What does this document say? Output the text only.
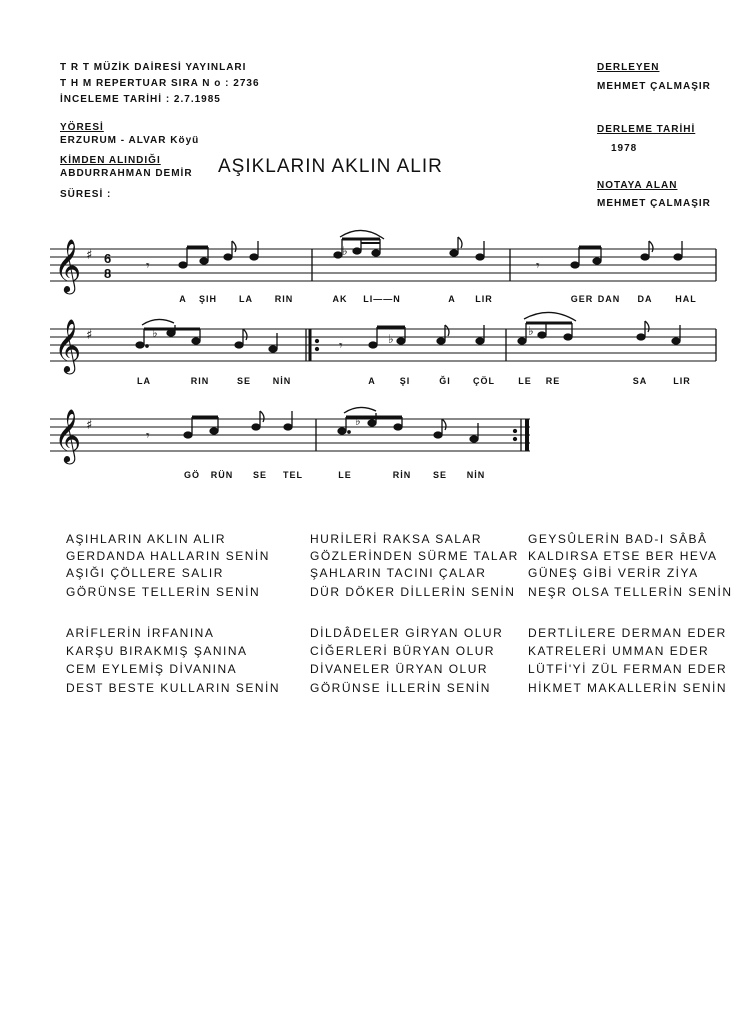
T R T MÜZİK DAİRESİ YAYINLARI
T H M REPERTUAR SIRA N o : 2736
İNCELEME TARİHİ : 2.7.1985
YÖRESİ
ERZURUM - ALVAR Köyü
KİMDEN ALINDIĞI
ABDURRAHMAN DEMİR
SÜRESİ :
DERLEYEN
MEHMET ÇALMAŞIR
DERLEME TARİHİ
1978
NOTAYA ALAN
MEHMET ÇALMAŞIR
AŞIKLARIN AKLIN ALIR
𝄞 ♯ 6
8 𝄾
♭
𝄾
A ŞIH LA RIN	AK LI——N	A LIR	GER DAN DA	HAL
𝄞 ♯	♭
𝄾	♭
♭
LA	RIN	SE NİN	A	ŞI	ĞI ÇÖL	LE RE	SA	LIR
𝄞 ♯
𝄾
♭
GÖ RÜN SE TEL	LE	RİN SE NİN
AŞIHLARIN AKLIN ALIR
GERDANDA HALLARIN SENİN
AŞIĞI ÇÖLLERE SALIR
GÖRÜNSE TELLERİN SENİN
HURİLERİ RAKSA SALAR
GÖZLERİNDEN SÜRME TALAR
ŞAHLARIN TACINI ÇALAR
DÜR DÖKER DİLLERİN SENİN
GEYSÛLERİN BAD-I SÂBÂ
KALDIRSA ETSE BER HEVA
GÜNEŞ GİBİ VERİR ZİYA
NEŞR OLSA TELLERİN SENİN
ARİFLERİN İRFANINA
KARŞU BIRAKMIŞ ŞANINA
CEM EYLEMİŞ DİVANINA
DEST BESTE KULLARIN SENİN
DİLDÂDELER GİRYAN OLUR
CİĞERLERİ BÜRYAN OLUR
DİVANELER ÜRYAN OLUR
GÖRÜNSE İLLERİN SENİN
DERTLİLERE DERMAN EDER
KATRELERİ UMMAN EDER
LÜTFİ'Yİ ZÜL FERMAN EDER
HİKMET MAKALLERİN SENİN
